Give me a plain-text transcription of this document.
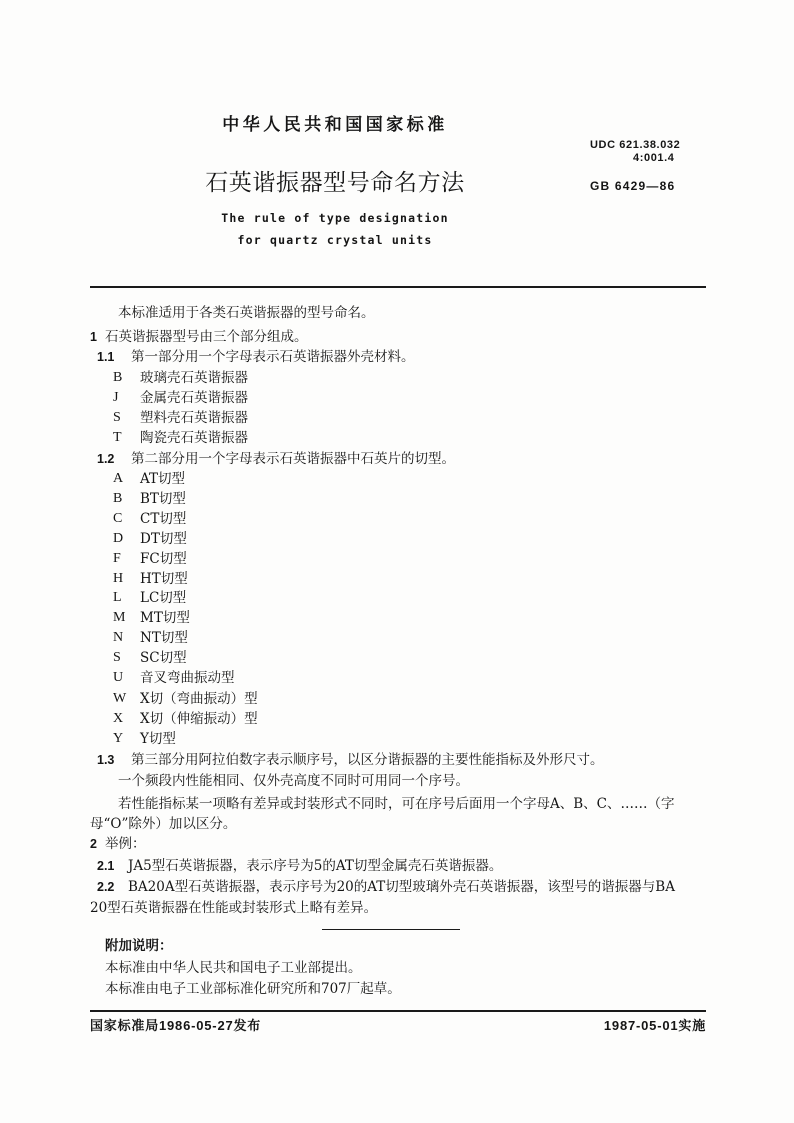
中华人民共和国国家标准
UDC 621.38.032
4:001.4
石英谐振器型号命名方法	GB 6429—86
The rule of type designation
for quartz crystal units
本标准适用于各类石英谐振器的型号命名。
1 石英谐振器型号由三个部分组成。
1.1 第一部分用一个字母表示石英谐振器外壳材料。
B 玻璃壳石英谐振器
J 金属壳石英谐振器
S 塑料壳石英谐振器
T 陶瓷壳石英谐振器
1.2 第二部分用一个字母表示石英谐振器中石英片的切型。
A AT切型
B BT切型
C CT切型
D DT切型
F FC切型
H HT切型
L LC切型
M MT切型
N NT切型
S SC切型
U 音叉弯曲振动型
W X切（弯曲振动）型
X X切（伸缩振动）型
Y Y切型
1.3 第三部分用阿拉伯数字表示顺序号，以区分谐振器的主要性能指标及外形尺寸。
一个频段内性能相同、仅外壳高度不同时可用同一个序号。
若性能指标某一项略有差异或封装形式不同时，可在序号后面用一个字母A、B、C、……（字
母“O”除外）加以区分。
2 举例：
2.1 JA5型石英谐振器，表示序号为5的AT切型金属壳石英谐振器。
2.2 BA20A型石英谐振器，表示序号为20的AT切型玻璃外壳石英谐振器，该型号的谐振器与BA
20型石英谐振器在性能或封装形式上略有差异。
附加说明：
本标准由中华人民共和国电子工业部提出。
本标准由电子工业部标准化研究所和707厂起草。
国家标准局1986-05-27发布	1987-05-01实施
